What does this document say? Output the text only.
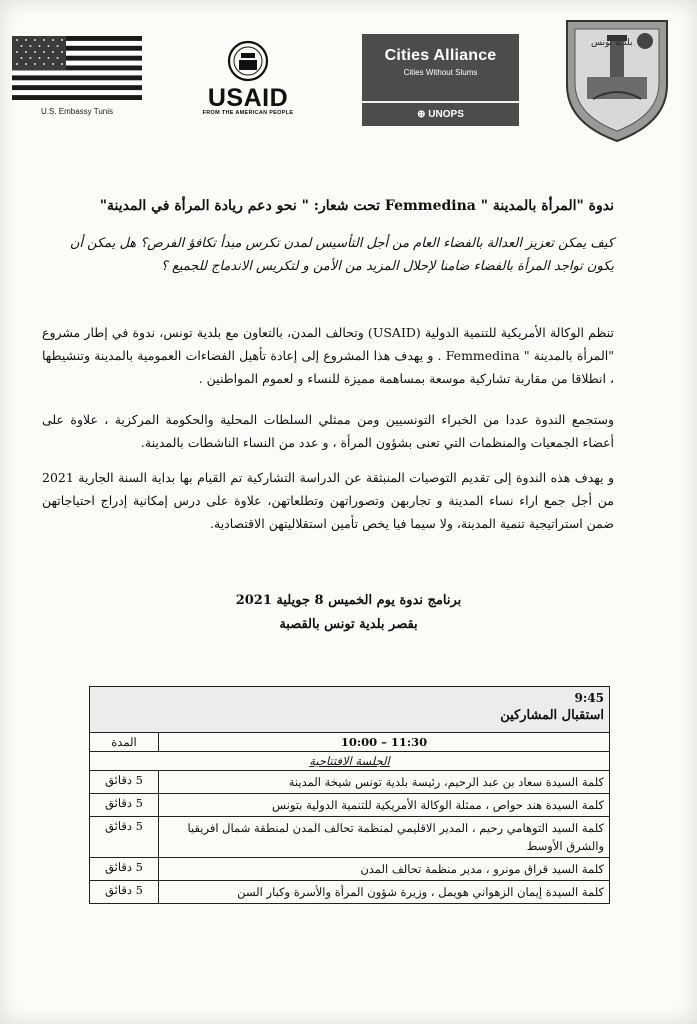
U.S. Embassy Tunis	USAID
FROM THE AMERICAN PEOPLE
Cities Alliance
Cities Without Slums
⊕ UNOPS
بلدية تونس
ندوة "المرأة بالمدينة " Femmedina تحت شعار: " نحو دعم ريادة المرأة في المدينة"
كيف يمكن تعزيز العدالة بالفضاء العام من أجل التأسيس لمدن تكرس مبدأ تكافؤ الفرص؟ هل يمكن أن يكون تواجد المرأة بالفضاء ضامنا لإحلال المزيد من الأمن و لتكريس الاندماج للجميع ؟
تنظم الوكالة الأمريكية للتنمية الدولية (USAID) وتحالف المدن، بالتعاون مع بلدية تونس، ندوة في إطار مشروع "المرأة بالمدينة " Femmedina . و يهدف هذا المشروع إلى إعادة تأهيل الفضاءات العمومية بالمدينة وتنشيطها ، انطلاقا من مقاربة تشاركية موسعة بمساهمة مميزة للنساء و لعموم المواطنين .
وستجمع الندوة عددا من الخبراء التونسيين ومن ممثلي السلطات المحلية والحكومة المركزية ، علاوة على أعضاء الجمعيات والمنظمات التي تعنى بشؤون المرأة ، و عدد من النساء الناشطات بالمدينة.
و يهدف هذه الندوة إلى تقديم التوصيات المنبثقة عن الدراسة التشاركية تم القيام بها بداية السنة الجارية 2021 من أجل جمع اراء نساء المدينة و تجاربهن وتصوراتهن وتطلعاتهن، علاوة على درس إمكانية إدراج احتياجاتهن ضمن استراتيجية تنمية المدينة، ولا سيما فيا يخص تأمين استقلاليتهن الاقتصادية.
برنامج ندوة يوم الخميس 8 جويلية 2021
بقصر بلدية تونس بالقصبة
9:45
استقبال المشاركين	

11:30 – 10:00	المدة
الجلسة الافتتاحية	
كلمة السيدة سعاد بن عبد الرحيم، رئيسة بلدية تونس شيخة المدينة	5 دقائق
كلمة السيدة هند حواص ، ممثلة الوكالة الأمريكية للتنمية الدولية بتونس	5 دقائق
كلمة السيد التوهامي رحيم ، المدير الاقليمي لمنظمة تحالف المدن لمنطقة شمال افريقيا والشرق الأوسط	5 دقائق
كلمة السيد قراق مونرو ، مدير منظمة تحالف المدن	5 دقائق
كلمة السيدة إيمان الزهواني هويمل ، وزيرة شؤون المرأة والأسرة وكبار السن	5 دقائق
